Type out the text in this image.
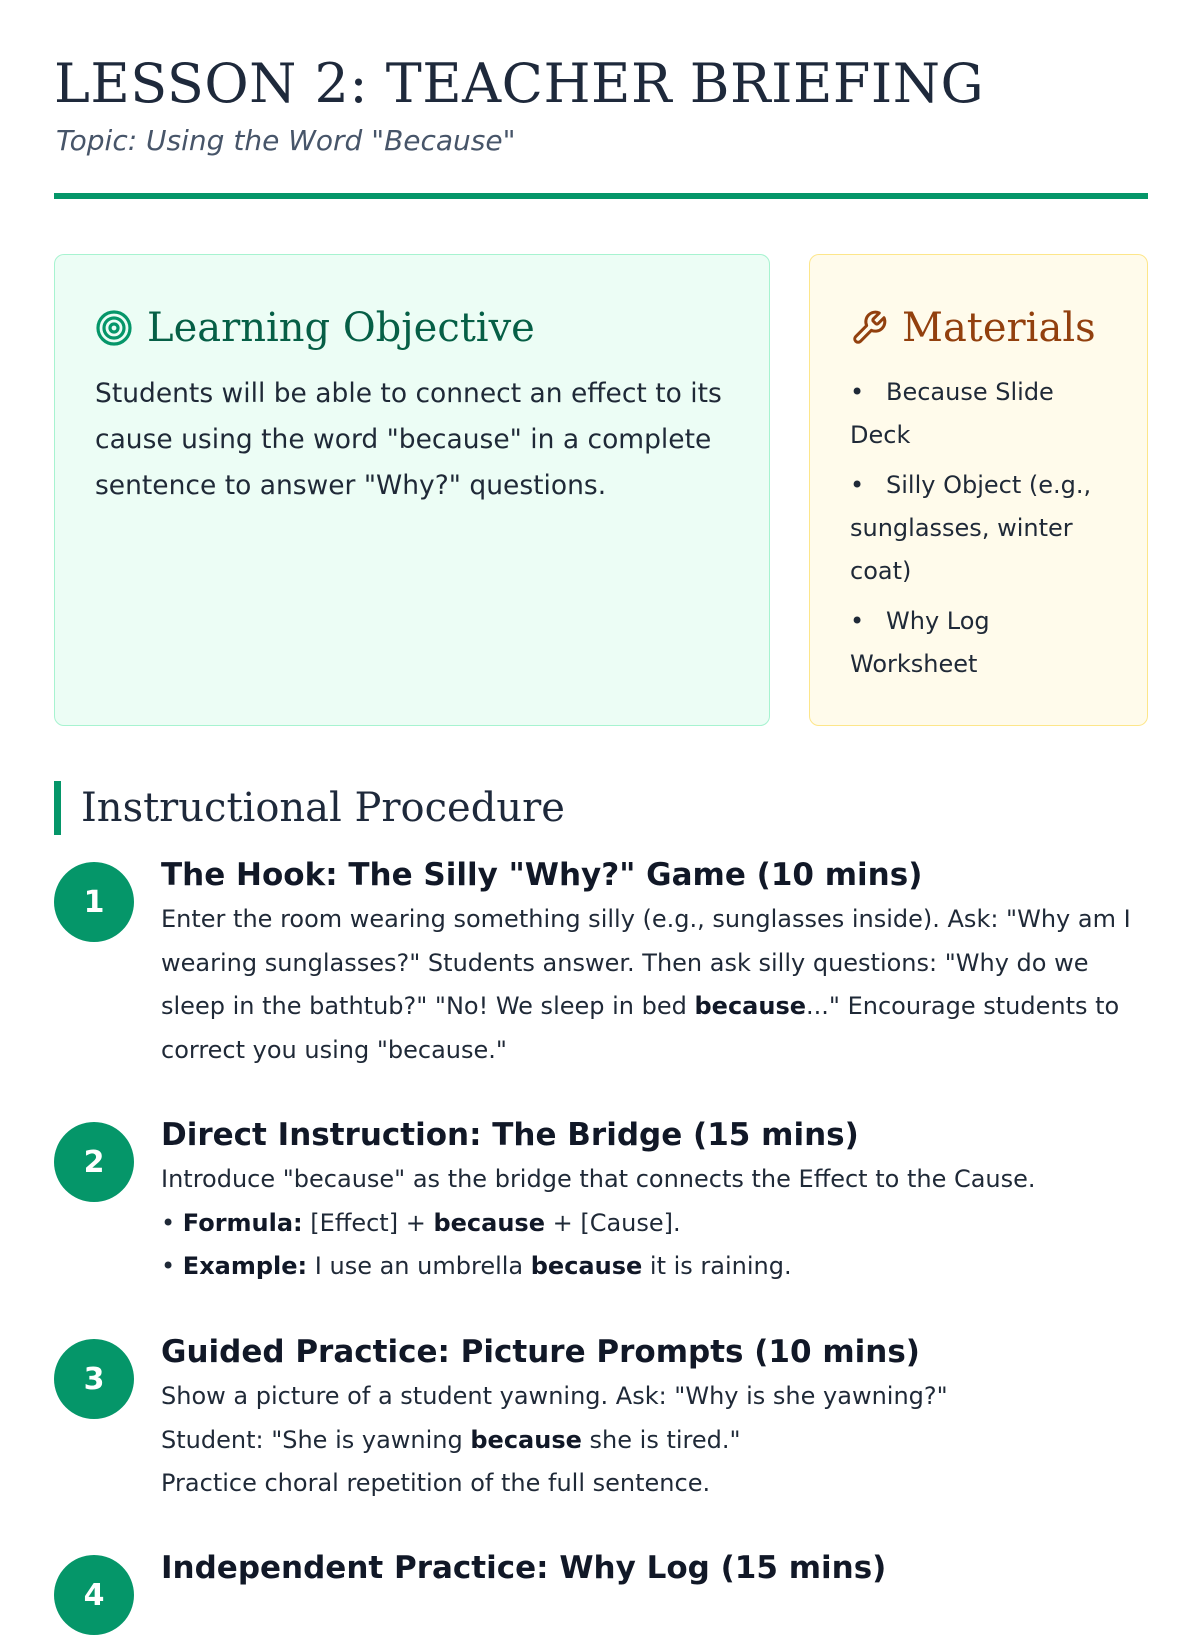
LESSON 2: TEACHER BRIEFING
Topic: Using the Word "Because"
Learning Objective

Students will be able to connect an effect to its cause using the word "because" in a complete sentence to answer "Why?" questions.

Materials
• Because Slide Deck
• Silly Object (e.g., sunglasses, winter coat)
• Why Log Worksheet
Instructional Procedure
1
The Hook: The Silly "Why?" Game (10 mins)
Enter the room wearing something silly (e.g., sunglasses inside). Ask: "Why am I wearing sunglasses?" Students answer. Then ask silly questions: "Why do we sleep in the bathtub?" "No! We sleep in bed because..." Encourage students to correct you using "because."
2
Direct Instruction: The Bridge (15 mins)
Introduce "because" as the bridge that connects the Effect to the Cause.
• Formula: [Effect] + because + [Cause].
• Example: I use an umbrella because it is raining.
3
Guided Practice: Picture Prompts (10 mins)
Show a picture of a student yawning. Ask: "Why is she yawning?"
Student: "She is yawning because she is tired."
Practice choral repetition of the full sentence.
4
Independent Practice: Why Log (15 mins)
